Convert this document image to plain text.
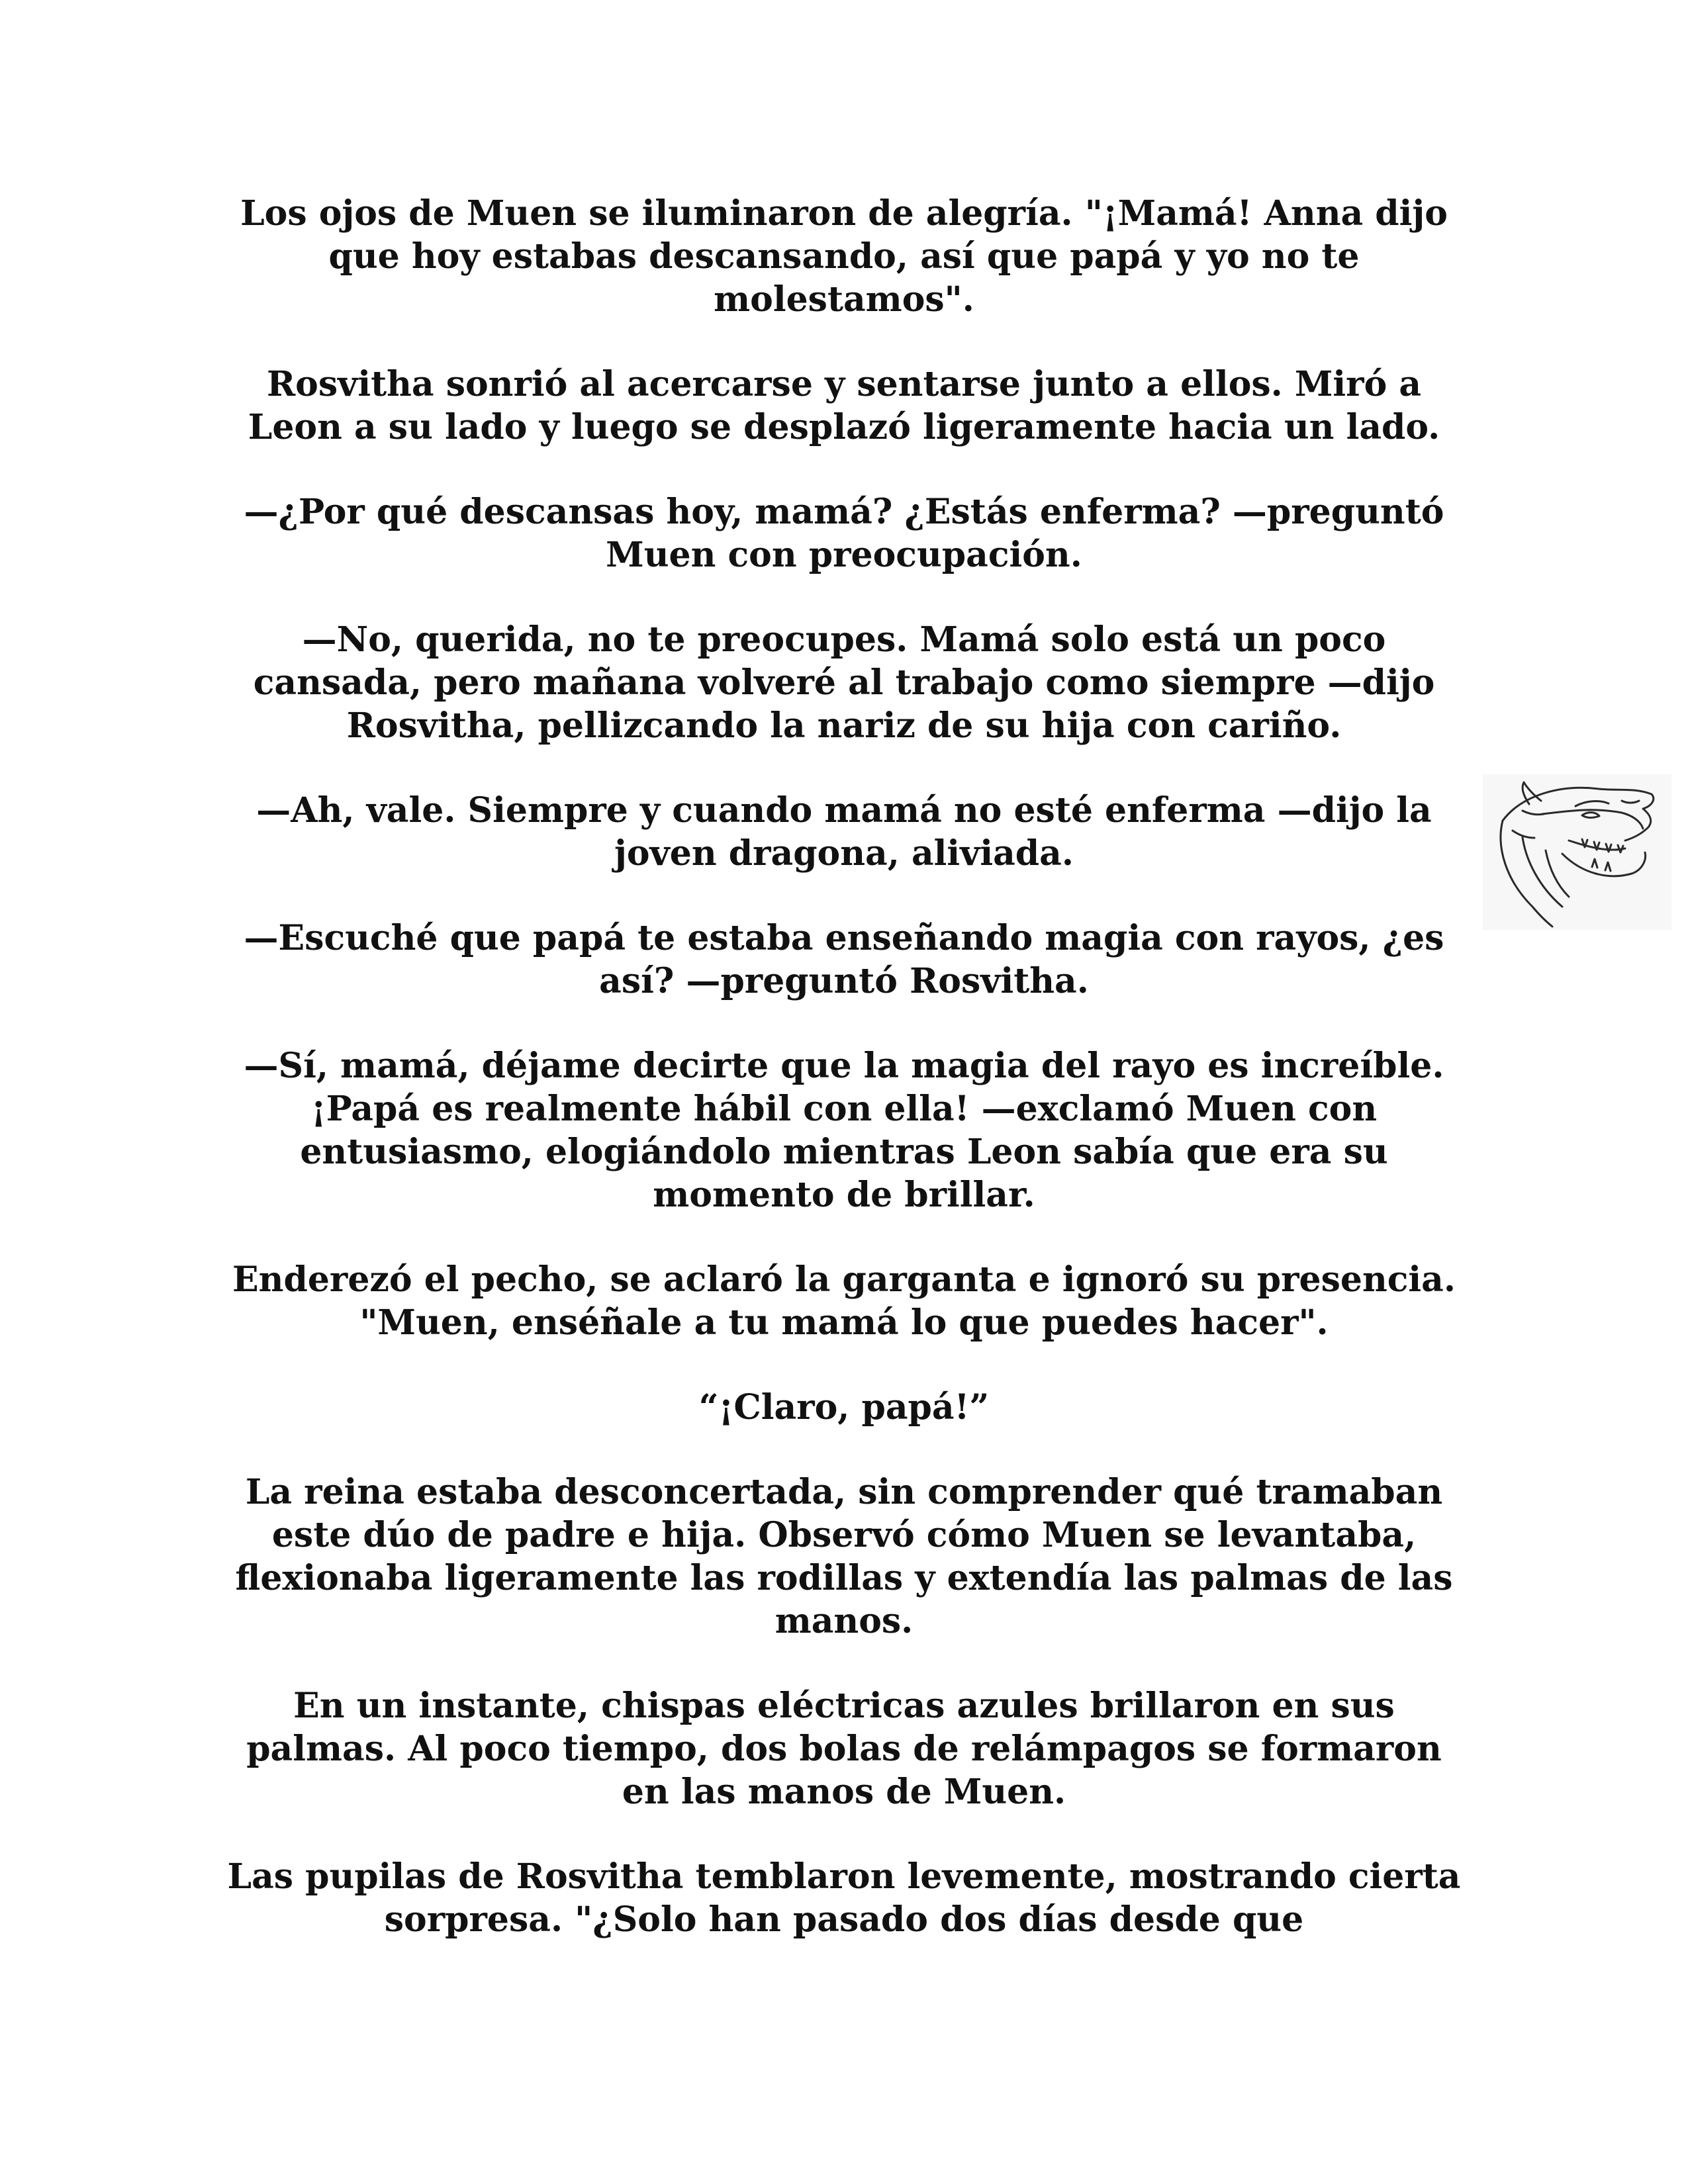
Los ojos de Muen se iluminaron de alegría. "¡Mamá! Anna dijo que hoy estabas descansando, así que papá y yo no te molestamos".

Rosvitha sonrió al acercarse y sentarse junto a ellos. Miró a Leon a su lado y luego se desplazó ligeramente hacia un lado.

—¿Por qué descansas hoy, mamá? ¿Estás enferma? —preguntó Muen con preocupación.

—No, querida, no te preocupes. Mamá solo está un poco cansada, pero mañana volveré al trabajo como siempre —dijo Rosvitha, pellizcando la nariz de su hija con cariño.

—Ah, vale. Siempre y cuando mamá no esté enferma —dijo la joven dragona, aliviada.

—Escuché que papá te estaba enseñando magia con rayos, ¿es así? —preguntó Rosvitha.

—Sí, mamá, déjame decirte que la magia del rayo es increíble. ¡Papá es realmente hábil con ella! —exclamó Muen con entusiasmo, elogiándolo mientras Leon sabía que era su momento de brillar.

Enderezó el pecho, se aclaró la garganta e ignoró su presencia. "Muen, enséñale a tu mamá lo que puedes hacer".

“¡Claro, papá!”

La reina estaba desconcertada, sin comprender qué tramaban este dúo de padre e hija. Observó cómo Muen se levantaba, flexionaba ligeramente las rodillas y extendía las palmas de las manos.

En un instante, chispas eléctricas azules brillaron en sus palmas. Al poco tiempo, dos bolas de relámpagos se formaron en las manos de Muen.

Las pupilas de Rosvitha temblaron levemente, mostrando cierta sorpresa. "¿Solo han pasado dos días desde que
